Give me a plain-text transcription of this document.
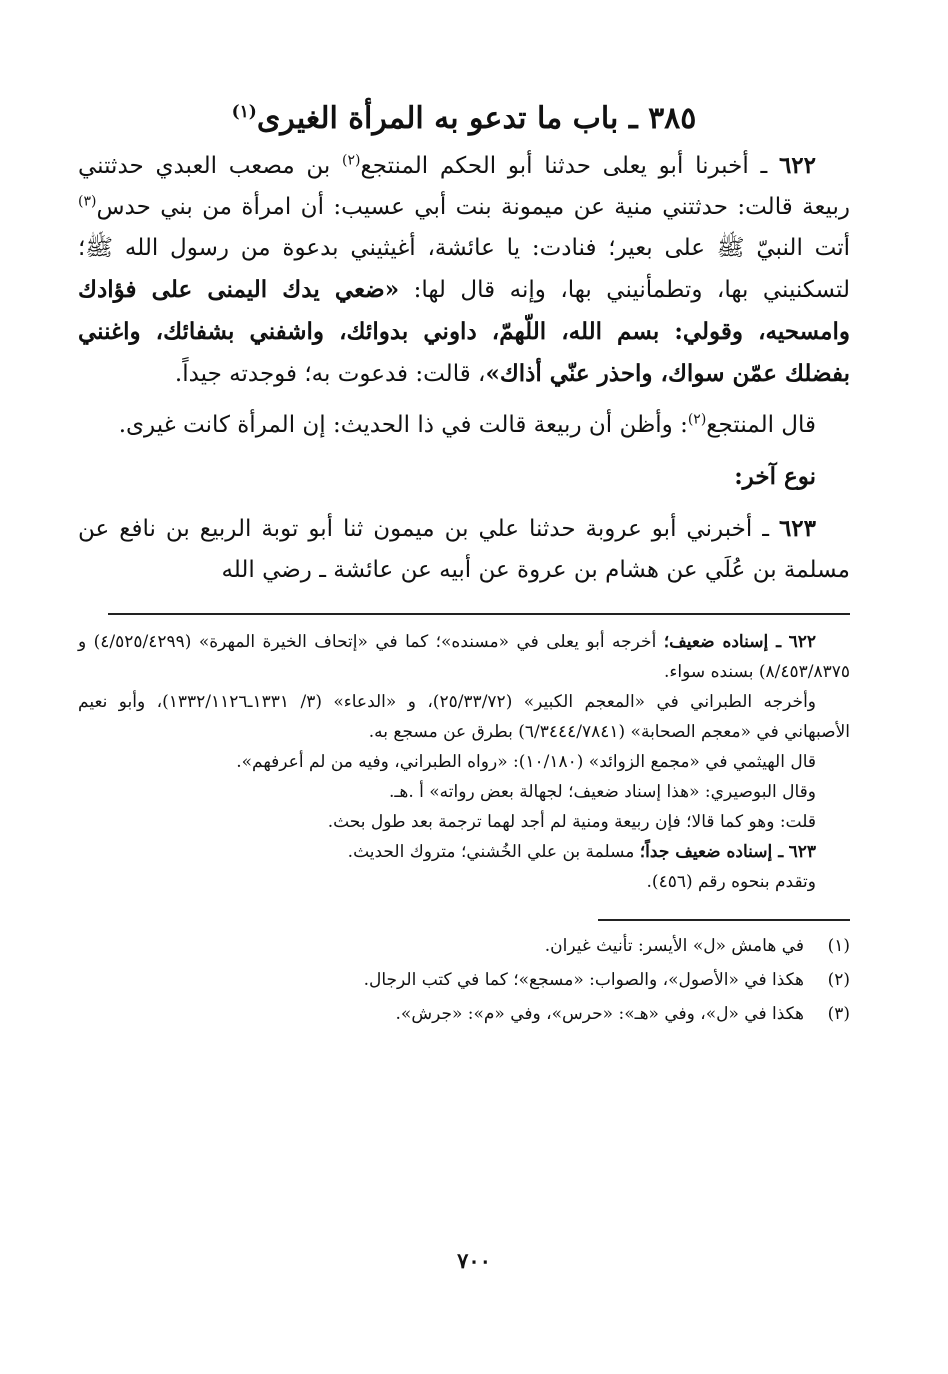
٣٨٥ ـ باب ما تدعو به المرأة الغيرى$^{(١)}$

٦٢٢ ـ أخبرنا أبو يعلى حدثنا أبو الحكم المنتجع$^{(٢)}$ بن مصعب العبدي حدثتني ربيعة قالت: حدثتني منية عن ميمونة بنت أبي عسيب: أن امرأة من بني حدس$^{(٣)}$ أتت النبيّ ﷺ على بعير؛ فنادت: يا عائشة، أغيثيني بدعوة من رسول الله ﷺ؛ لتسكنيني بها، وتطمأنيني بها، وإنه قال لها: «ضعي يدك اليمنى على فؤادك وامسحيه، وقولي: بسم الله، اللّهمّ، داوني بدوائك، واشفني بشفائك، واغنني بفضلك عمّن سواك، واحذر عنّي أذاك»، قالت: فدعوت به؛ فوجدته جيداً.

قال المنتجع$^{(٢)}$: وأظن أن ربيعة قالت في ذا الحديث: إن المرأة كانت غيرى.

نوع آخر:

٦٢٣ ـ أخبرني أبو عروبة حدثنا علي بن ميمون ثنا أبو توبة الربيع بن نافع عن مسلمة بن عُلَي عن هشام بن عروة عن أبيه عن عائشة ـ رضي الله

٦٢٢ ـ إسناده ضعيف؛ أخرجه أبو يعلى في «مسنده»؛ كما في «إتحاف الخيرة المهرة» (٤/٥٢٥/٤٢٩٩) و ٨/٤٥٣/٨٣٧٥) بسنده سواء.

وأخرجه الطبراني في «المعجم الكبير» (٢٥/٣٣/٧٢)، و «الدعاء» (٣/ ١٣٣١ـ١٣٣٢/١١٢٦)، وأبو نعيم الأصبهاني في «معجم الصحابة» (٦/٣٤٤٤/٧٨٤١) بطرق عن مسجع به.

قال الهيثمي في «مجمع الزوائد» (١٠/١٨٠): «رواه الطبراني، وفيه من لم أعرفهم».

وقال البوصيري: «هذا إسناد ضعيف؛ لجهالة بعض رواته» أ .هـ.

قلت: وهو كما قالا؛ فإن ربيعة ومنية لم أجد لهما ترجمة بعد طول بحث.

٦٢٣ ـ إسناده ضعيف جداً؛ مسلمة بن علي الخُشني؛ متروك الحديث.

وتقدم بنحوه رقم (٤٥٦).

(١)
في هامش «ل» الأيسر: تأنيث غيران.
(٢)
هكذا في «الأصول»، والصواب: «مسجع»؛ كما في كتب الرجال.
(٣)
هكذا في «ل»، وفي «هـ»: «حرس»، وفي «م»: «جرش».
٧٠٠
